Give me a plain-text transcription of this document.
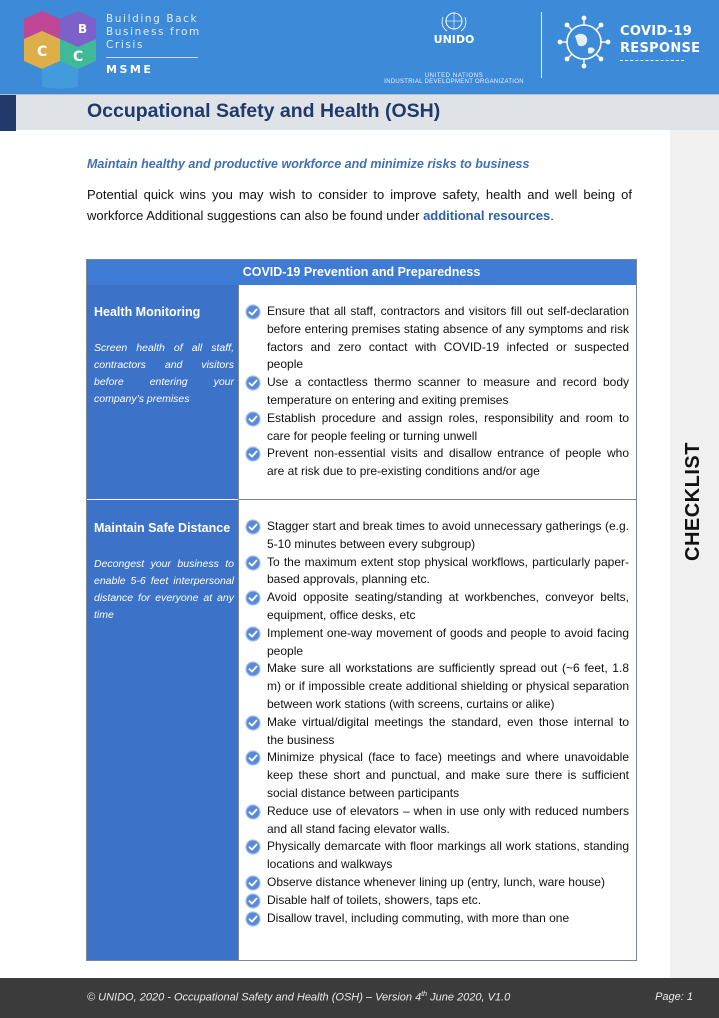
B
C C
Building Back
Business from
Crisis
MSME
UNIDO
UNITED NATIONS
INDUSTRIAL DEVELOPMENT ORGANIZATION
COVID-19
RESPONSE
Occupational Safety and Health (OSH)
CHECKLIST
Maintain healthy and productive workforce and minimize risks to business

Potential quick wins you may wish to consider to improve safety, health and well being of workforce Additional suggestions can also be found under additional resources.

COVID-19 Prevention and Preparedness
Health Monitoring
Screen health of all staff, contractors and visitors before entering your company’s premises
Ensure that all staff, contractors and visitors fill out self-declaration before entering premises stating absence of any symptoms and risk factors and zero contact with COVID-19 infected or suspected people
Use a contactless thermo scanner to measure and record body temperature on entering and exiting premises
Establish procedure and assign roles, responsibility and room to care for people feeling or turning unwell
Prevent non-essential visits and disallow entrance of people who are at risk due to pre-existing conditions and/or age
Maintain Safe Distance
Decongest your business to enable 5-6 feet interpersonal distance for everyone at any time
Stagger start and break times to avoid unnecessary gatherings (e.g. 5-10 minutes between every subgroup)
To the maximum extent stop physical workflows, particularly paper-based approvals, planning etc.
Avoid opposite seating/standing at workbenches, conveyor belts, equipment, office desks, etc
Implement one-way movement of goods and people to avoid facing people
Make sure all workstations are sufficiently spread out (~6 feet, 1.8 m) or if impossible create additional shielding or physical separation between work stations (with screens, curtains or alike)
Make virtual/digital meetings the standard, even those internal to the business
Minimize physical (face to face) meetings and where unavoidable keep these short and punctual, and make sure there is sufficient social distance between participants
Reduce use of elevators – when in use only with reduced numbers and all stand facing elevator walls.
Physically demarcate with floor markings all work stations, standing locations and walkways
Observe distance whenever lining up (entry, lunch, ware house)
Disable half of toilets, showers, taps etc.
Disallow travel, including commuting, with more than one
© UNIDO, 2020 - Occupational Safety and Health (OSH) – Version 4th June 2020, V1.0	Page: 1
